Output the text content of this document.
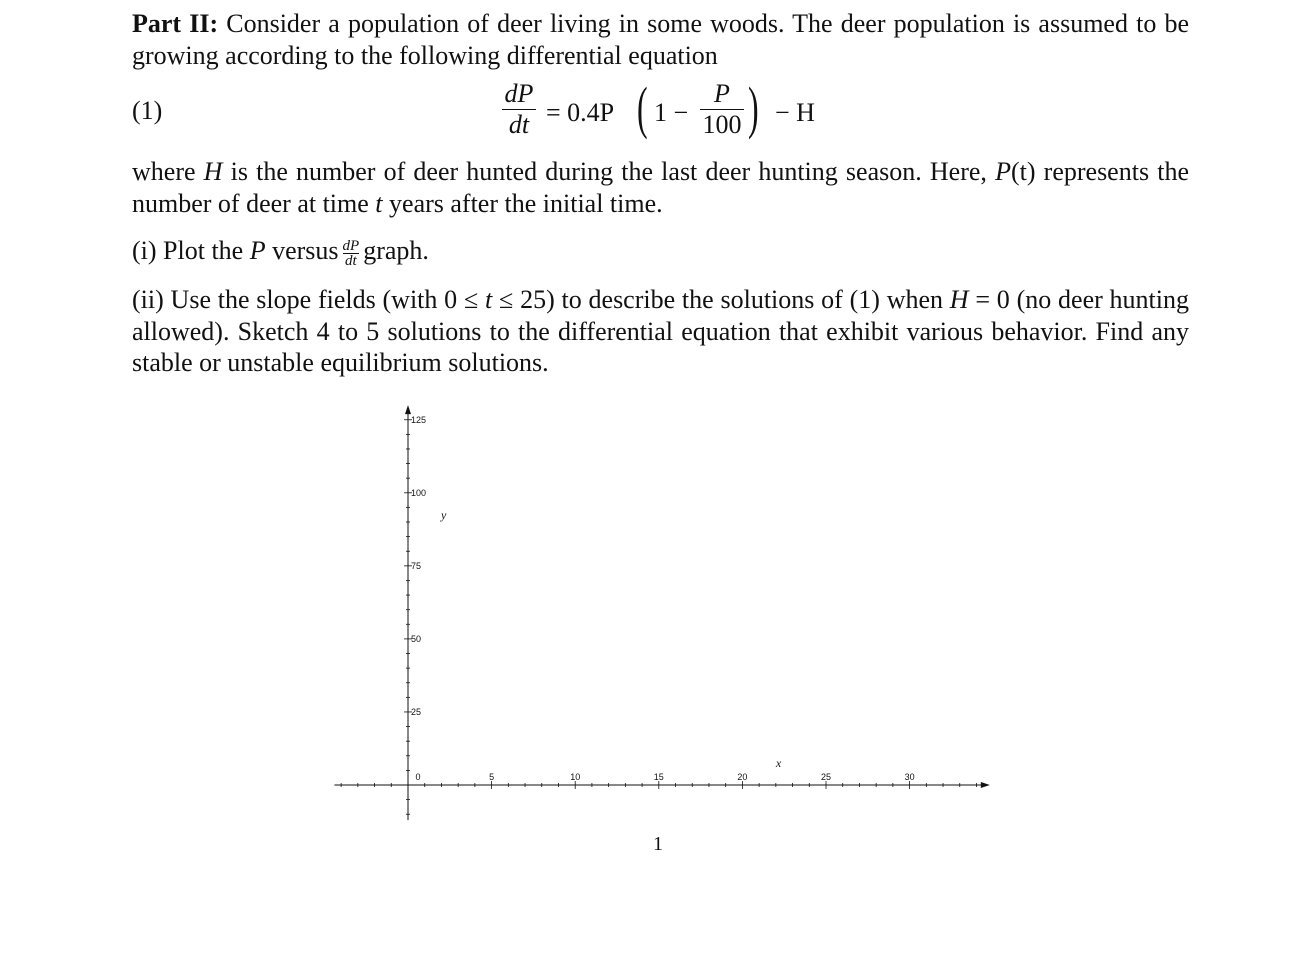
Part II: Consider a population of deer living in some woods. The deer population is assumed to be growing according to the following differential equation
(1)
dP
dt = 0.4P ( 1 −
P
100 ) − H
where H is the number of deer hunted during the last deer hunting season. Here, P(t) represents the number of deer at time t years after the initial time.
(i) Plot the P versus $\frac{dP}{dt}$ graph.
(ii) Use the slope fields (with 0 ≤ t ≤ 25) to describe the solutions of (1) when H = 0 (no deer hunting allowed). Sketch 4 to 5 solutions to the differential equation that exhibit various behavior. Find any stable or unstable equilibrium solutions.
0	5	10	15	20	25	30
25
50
75
100
125
x
y
1
